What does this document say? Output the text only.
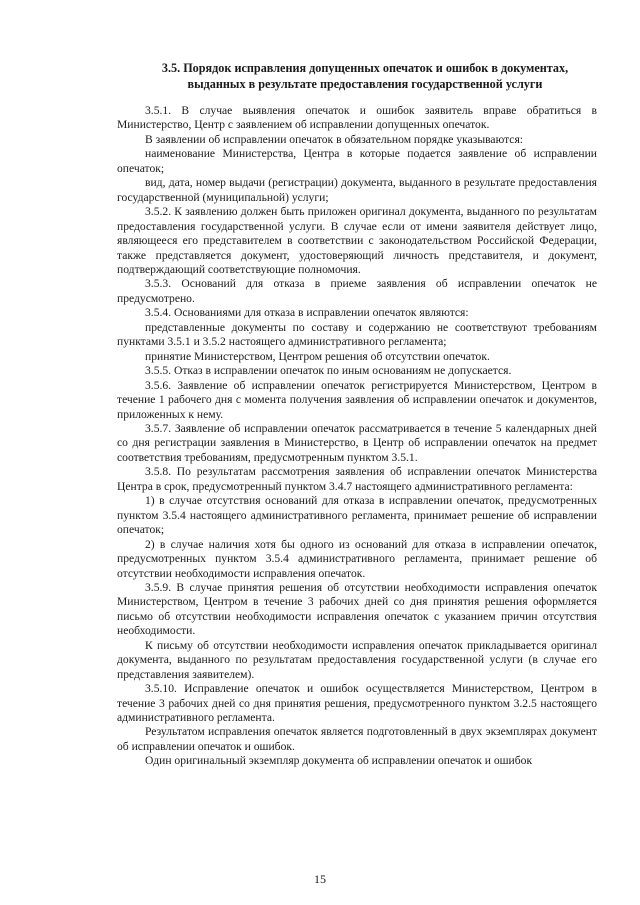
3.5. Порядок исправления допущенных опечаток и ошибок в документах,
выданных в результате предоставления государственной услуги

3.5.1. В случае выявления опечаток и ошибок заявитель вправе обратиться в Министерство, Центр с заявлением об исправлении допущенных опечаток.

В заявлении об исправлении опечаток в обязательном порядке указываются:

наименование Министерства, Центра в которые подается заявление об исправлении опечаток;

вид, дата, номер выдачи (регистрации) документа, выданного в результате предоставления государственной (муниципальной) услуги;

3.5.2. К заявлению должен быть приложен оригинал документа, выданного по результатам предоставления государственной услуги. В случае если от имени заявителя действует лицо, являющееся его представителем в соответствии с законодательством Российской Федерации, также представляется документ, удостоверяющий личность представителя, и документ, подтверждающий соответствующие полномочия.

3.5.3. Оснований для отказа в приеме заявления об исправлении опечаток не предусмотрено.

3.5.4. Основаниями для отказа в исправлении опечаток являются:

представленные документы по составу и содержанию не соответствуют требованиям пунктами 3.5.1 и 3.5.2 настоящего административного регламента;

принятие Министерством, Центром решения об отсутствии опечаток.

3.5.5. Отказ в исправлении опечаток по иным основаниям не допускается.

3.5.6. Заявление об исправлении опечаток регистрируется Министерством, Центром в течение 1 рабочего дня с момента получения заявления об исправлении опечаток и документов, приложенных к нему.

3.5.7. Заявление об исправлении опечаток рассматривается в течение 5 календарных дней со дня регистрации заявления в Министерство, в Центр об исправлении опечаток на предмет соответствия требованиям, предусмотренным пунктом 3.5.1.

3.5.8. По результатам рассмотрения заявления об исправлении опечаток Министерства Центра в срок, предусмотренный пунктом 3.4.7 настоящего административного регламента:

1) в случае отсутствия оснований для отказа в исправлении опечаток, предусмотренных пунктом 3.5.4 настоящего административного регламента, принимает решение об исправлении опечаток;

2) в случае наличия хотя бы одного из оснований для отказа в исправлении опечаток, предусмотренных пунктом 3.5.4 административного регламента, принимает решение об отсутствии необходимости исправления опечаток.

3.5.9. В случае принятия решения об отсутствии необходимости исправления опечаток Министерством, Центром в течение 3 рабочих дней со дня принятия решения оформляется письмо об отсутствии необходимости исправления опечаток с указанием причин отсутствия необходимости.

К письму об отсутствии необходимости исправления опечаток прикладывается оригинал документа, выданного по результатам предоставления государственной услуги (в случае его представления заявителем).

3.5.10. Исправление опечаток и ошибок осуществляется Министерством, Центром в течение 3 рабочих дней со дня принятия решения, предусмотренного пунктом 3.2.5 настоящего административного регламента.

Результатом исправления опечаток является подготовленный в двух экземплярах документ об исправлении опечаток и ошибок.

Один оригинальный экземпляр документа об исправлении опечаток и ошибок

15
